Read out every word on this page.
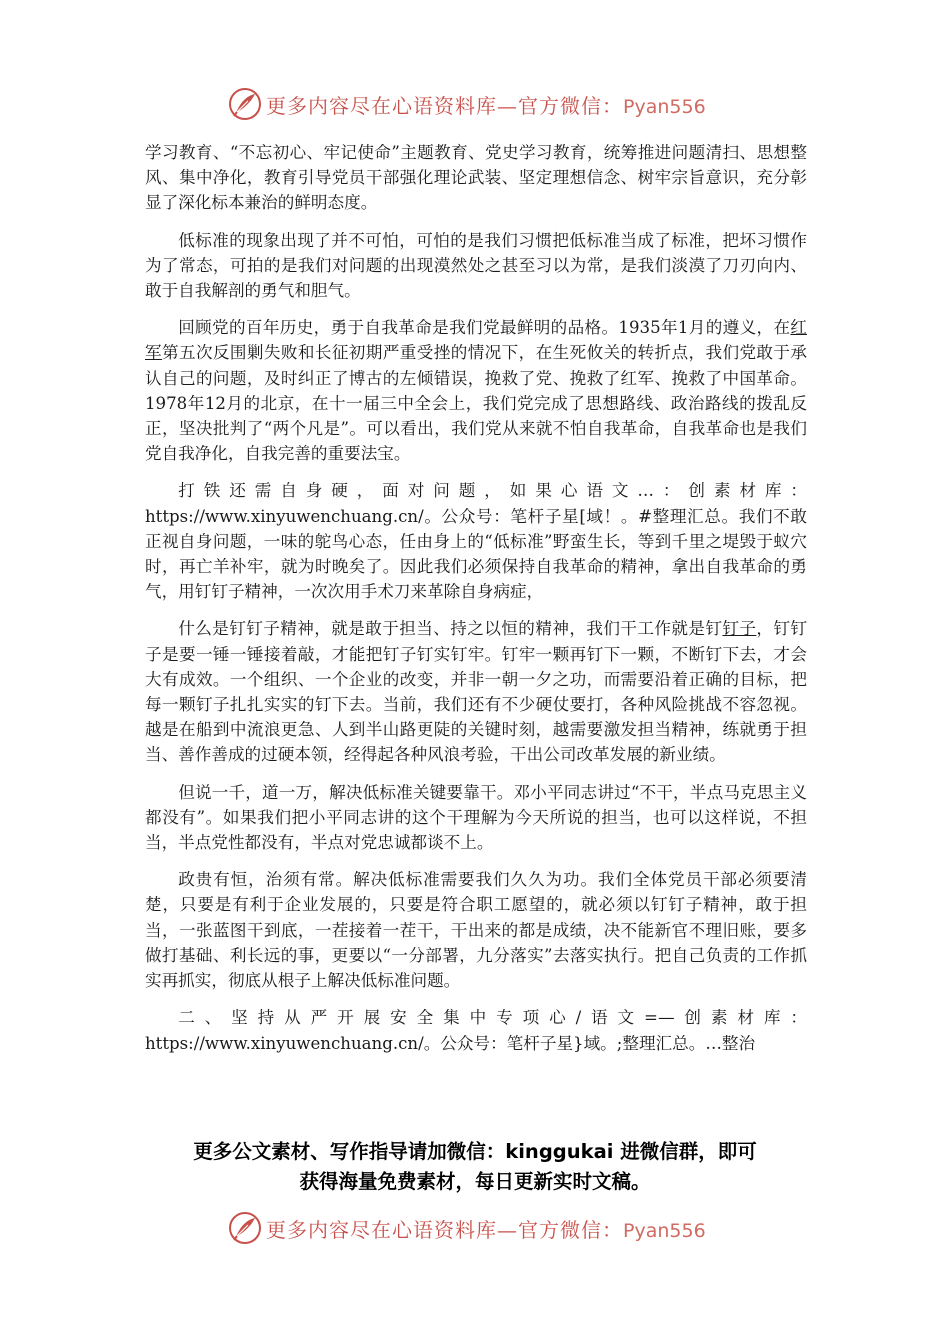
更多内容尽在心语资料库—官方微信：Pyan556

学习教育、“不忘初心、牢记使命”主题教育、党史学习教育，统筹推进问题清扫、思想整风、集中净化，教育引导党员干部强化理论武装、坚定理想信念、树牢宗旨意识，充分彰显了深化标本兼治的鲜明态度。

低标准的现象出现了并不可怕，可怕的是我们习惯把低标准当成了标准，把坏习惯作为了常态，可拍的是我们对问题的出现漠然处之甚至习以为常，是我们淡漠了刀刃向内、敢于自我解剖的勇气和胆气。

回顾党的百年历史，勇于自我革命是我们党最鲜明的品格。1935年1月的遵义，在红军第五次反围剿失败和长征初期严重受挫的情况下，在生死攸关的转折点，我们党敢于承认自己的问题，及时纠正了博古的左倾错误，挽救了党、挽救了红军、挽救了中国革命。1978年12月的北京，在十一届三中全会上，我们党完成了思想路线、政治路线的拨乱反正，坚决批判了“两个凡是”。可以看出，我们党从来就不怕自我革命，自我革命也是我们党自我净化，自我完善的重要法宝。

打铁还需自身硬，面对问题，如果心语文…：创素材库：https://www.xinyuwenchuang.cn/。公众号：笔杆子星[域！。#整理汇总。我们不敢正视自身问题，一味的鸵鸟心态，任由身上的“低标准”野蛮生长，等到千里之堤毁于蚁穴时，再亡羊补牢，就为时晚矣了。因此我们必须保持自我革命的精神，拿出自我革命的勇气，用钉钉子精神，一次次用手术刀来革除自身病症，

什么是钉钉子精神，就是敢于担当、持之以恒的精神，我们干工作就是钉钉子，钉钉子是要一锤一锤接着敲，才能把钉子钉实钉牢。钉牢一颗再钉下一颗，不断钉下去，才会大有成效。一个组织、一个企业的改变，并非一朝一夕之功，而需要沿着正确的目标，把每一颗钉子扎扎实实的钉下去。当前，我们还有不少硬仗要打，各种风险挑战不容忽视。越是在船到中流浪更急、人到半山路更陡的关键时刻，越需要激发担当精神，练就勇于担当、善作善成的过硬本领，经得起各种风浪考验，干出公司改革发展的新业绩。

但说一千，道一万，解决低标准关键要靠干。邓小平同志讲过“不干，半点马克思主义都没有”。如果我们把小平同志讲的这个干理解为今天所说的担当，也可以这样说，不担当，半点党性都没有，半点对党忠诚都谈不上。

政贵有恒，治须有常。解决低标准需要我们久久为功。我们全体党员干部必须要清楚，只要是有利于企业发展的，只要是符合职工愿望的，就必须以钉钉子精神，敢于担当，一张蓝图干到底，一茬接着一茬干，干出来的都是成绩，决不能新官不理旧账，要多做打基础、利长远的事，更要以“一分部署，九分落实”去落实执行。把自己负责的工作抓实再抓实，彻底从根子上解决低标准问题。

二、坚持从严开展安全集中专项心/语文=—创素材库：https://www.xinyuwenchuang.cn/。公众号：笔杆子星}域。;整理汇总。…整治

更多公文素材、写作指导请加微信：kinggukai 进微信群，即可
获得海量免费素材，每日更新实时文稿。
更多内容尽在心语资料库—官方微信：Pyan556
